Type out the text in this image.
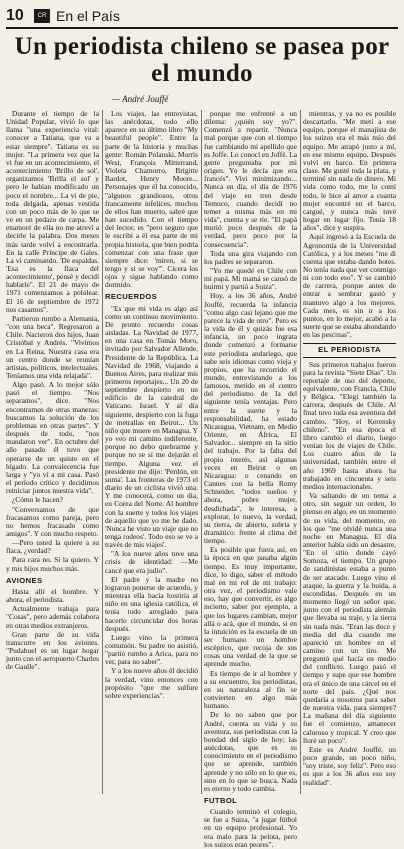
10	CR En el País
Un periodista chileno se pasea por el mundo
— André Jouffé

Durante el tiempo de la Unidad Popular, vivió lo que llama "una experiencia vital: conocer a Tatiana, que va a estar siempre". Tatiana es su mujer. "La primera vez que la vi fue en un acontecimiento, el acontecimiento 'Brillo de sol', organizamos 'Brilla el sol' y pero le habían modificado un poco el nombre... La vi de pie, toda delgada, apenas vestida con un poco más de lo que se ve en un pedazo de carpa. Me enamoré de ella no me atreví a decirle la palabra. Dos meses más tarde volví a encontrarla. En la calle Príncipe de Gales. La vi caminando. 'De espaldas. 'Esa es la flaca del acontecimiento', pensé y decidí hablarle". El 21 de mayo de 1971 comenzamos a pololear. El 16 de septiembre de 1972 nos casamos".

Partieron rumbo a Alemania, "con una beca". Regresaron a Chile. Nacieron dos hijos, Juan Cristóbal y Andrés. "Vivimos en La Reina. Nuestra casa era un centro donde se reunían artistas, políticos, intelectuales. Teníamos una vida relajada".

Algo pasó. A lo mejor sólo pasó el tiempo. "Nos separamos", dice. "Nos encontramos de otras maneras: buscamos la solución de los problemas en otras partes". Y después de todo, "nos mandaron ver". En octubre del año pasado él tuvo que operarse de un quiste en el hígado. La convalecencia fue larga y "yo ví a mi casa. Pasó el período crítico y decidimos reiniciar juntos nuestra vida".

¿Cómo le hacen?

"Conversamos de que fracasamos como pareja, pero no hemos fracasado como amigos". Y con mucho respeto.

—Pero usted la quiere a su flaca, ¿verdad?

Para cara no. Si la quiero. Y y mis hijos muchos más.

AVIONES

Hasta allí el hombre. Y ahora, el periodista.

Actualmente trabaja para "Cosas", pero además colabora en otras medios extranjeros.

Gran parte de su vida transcurre en los aviones. "Pudahuel es un lugar hogar junto con el aeropuerto Charles de Gaulle".

Los viajes, las entrevistas, las anécdotas, todo ello aparece en su último libro "My beautiful people". Entre la parte de la historia y muchas gente: Román Polanski, Morris West, François Mitterrand, Violeta Chamorro, Brigitte Bardot, Henry Moore... Personajes que él ha conocido, "algunos grandiosos, otros francamente infelices, muchos de ellos han muerto, sabré que han sucedido. Con el tiempo del lector, es "pero seguro que le escribí a él esa parte de mi propia historia, que bien podría comenzar con una frase que siempre dice: 'miren, si se tengo y si se voy'". Cicera los ojos y sigue hablando como dormido.

RECUERDOS

"Es que mi vida es algo así como un continuo movimiento. De pronto recuerdo cosas aisladas. La Navidad de 1977, en una casa en Tomás Moro, invitado por Salvador Allende, Presidente de la República. La Navidad de 1968, viajando a Buenos Aires, para realizar mis primeros reportajes... Un 20 de septiembre despierto en un edificio de la catedral de Vaticano. Israel. Y al día siguiente, despierto con la fuga de metrallas en Beirut... Un niño que muere en Managua. Y yo veo mi camino indiferente, porque no debo quebrarme y porque no se si me dejarán el tiempo. Alguna vez el presidente me dijo: 'Perdón, en suma'. Las fronteras de 1973 el diario de un ciclista vivió una. Y me conocerá, como un dia, en Corea del Norte. Al hombre con la suerte y todos los viajes de aquello que yo me he dado. 'Nunca he visto un viaje que no tenga rodeos'. Todo eso se ve a través de mis viajes'.

"A los nueve años tuve una crisis de identidad: —Me cancé que era judío".

El padre y la madre no lograron ponerse de acuerdo, y mientras ella hacía hostiría al niño en una iglesia católica, el tenía todo arreglado para hacerlo circuncidar dos horas después.

Luego vino la primera comunión. Su padre no asistió, "partió rumbo a Arica, para no ver, para no saber".

Y a los nueve años él decidió la verdad, vino entonces con propósito "que me sulfure sobre experiencias".

porque me enfrenté a un dilema: ¿quién soy yo?". Comenzó a repartir. "Nunca mal porque que con el tiempo fue cambiando mi apellido que es Joffe. Lo conocí en Joffé. La gente preguntaba por mi origen. Yo le decía que era francés". Vivi minimizando... Nunca en día, el día de 1976 del viaje en tren desde Temuco, cuando decidí no temer a misma más en mi vida", cuenta y se ríe. "El papá murió poco después de la verdad, pero poco por la consecuencia".

Toda una gira viajando con los padres se separaron.

"Yo me quedé en Chile con mi papá. Mi mamá se cansó de huirmi y partió a Suiza".

Hoy, a los 36 años, André Jouffé, recuerda la infancia "como algo casi lejano que me parece la vida de otro". Pero es la vida de él y quizás fue esa infancia, un poco ingrata donde comenzó a formarse este periodista andariego, que sabe seis idiomas como vieja y propios, que ha recorrido el mundo, entrevistando a los famosos, metido en el centro del periodismo de Ia del siguiente tenía ventajas. Pero entre la suerte y la responsabilidad, ha estado Nicaragua, Vietnam, en Medio Oriente, en África, El Salvador... siempre en la sitio del trabajo. Por la falta del propio interés, así algunas veces en Beirut o en Nicaragua: o cenando en Cannes con la bella Romy Schneider, "todos sueños y ahora, pobre mujer, desdichada", le interesa, a explorar, lo nuevo, la verdad, su tierra, de abierto, sobria y dramático: frente al clima del tiempo.

Es posible que fuera así, en la época en que pasaba algún tiempo. Es muy importante, dice, lo digo, saber el método mal en mi rol de mi trabajo: otra vez, el periodismo vale eso, hay que convertir, es algo incierto, saber por ejemplo, a que los lugares cambian, mejor allá o acá, que el mundo, si en la intuición es la escuela de un ser humano un hombre escéptico, que recoja de sus cosas una verdad de la que se aprende mucho.

Es tiempo de ir al hombre y a su encuentro, los periodistas, en su naturaleza al fin se convierten en algo más humano.

De lo no saben que por André, cuenta su vida y su aventura, sus periodistas con la bondad del siglo de hoy; las anécdotas, que es su conocimiento en el periodismo que se aprende, también aprende y no sólo en lo que es, sino en lo que se busca. Nada es eterno y todo cambia.

FUTBOL

Cuando terminó el colegio, se fue a Suiza, "a jugar fútbol en un equipo profesional. Yo era malo para la pelota, pero los suizos eran peores".

mientras, y ya no es posible descartarlo. "Me metí a ese equipo, porque el manajista de los suizos era el más mío del equipo. Me atrapó justo a mí, en ese mismo equipo. Después volví en barco. En primera clase. Me gusté toda la plata, y terminé sin nada de dinero. Mi vida como todo, me lo comí todo, le hice al amor a cuanta mujer encontré en el barco, cargué, y nunca más tuvé hogar en lugar fijo. Tenía 18 años", dice y suspira.

Aquí ingresó a la Escuela de Agronomía de la Universidad Católica, y a los meses "me di cuenta que estaba dando botes. No tenía nada que ver conmigo ni con todo eso". Y se cambió de carrera, porque antes de entrar a sembrar gastó y mantuvo algo a los mejores. Cada mes, es sin ir a los puntos, en lo mejor, acabó a la suerte que se estaba ahondando en las pescinas".

EL PERIODISTA

Sus primeros trabajos fueron para la revista "Siete Días". Un reportaje de uso del deporte, equivalente, con Francia, Chile y Bélgica. "Elegí también la carrera, después de Chile. Al final tuvo toda esa aventura del cambio. "Hoy, el Kerensky chileno". "En esa época el libro cambió el diario, luego venían los de viajes de Chile. Los cuatro años de la universidad, también entre el año 1969 hasta ahora ha trabajado en cincuenta y seis medios internacionales.

Va saltando de un tema a otro, sin seguir un orden, lo pienso en algo, en un momento de su vida, del momento, en los que "me olvidé nunca una noche en Managua. El día anterior había sido un desastre, "En el sitio donde cayó Somoza, el tiempo. Un grupo de sandinistas estaba a punto de ser atacado. Luego vino el ataque, la guerra y la huida, a escondidas. Después en un momento llegó un señor que, junto con el periodista alemán que llevaba su traje, y la tierra sin nada más. "Eran las doce y media del día cuando me apareció un hombre en el camino con un tiro. Me preguntó qué hacía en medio del conflicto. Luego pasó el tiempo y supe que ese hombre era el único de una cárcel en el norte del país. ¿Qué nos quedaría a nosotros para saber de nuestra vida, para siempre? La mañana del día siguiente fue el comienzo, amanecer caluroso y tropical. Y creo que lloré un poco".

Este es André Jouffé, un poco grande, un poco niño, "soy triste, soy feliz". Pero eso es que a los 36 años eso soy realidad".
